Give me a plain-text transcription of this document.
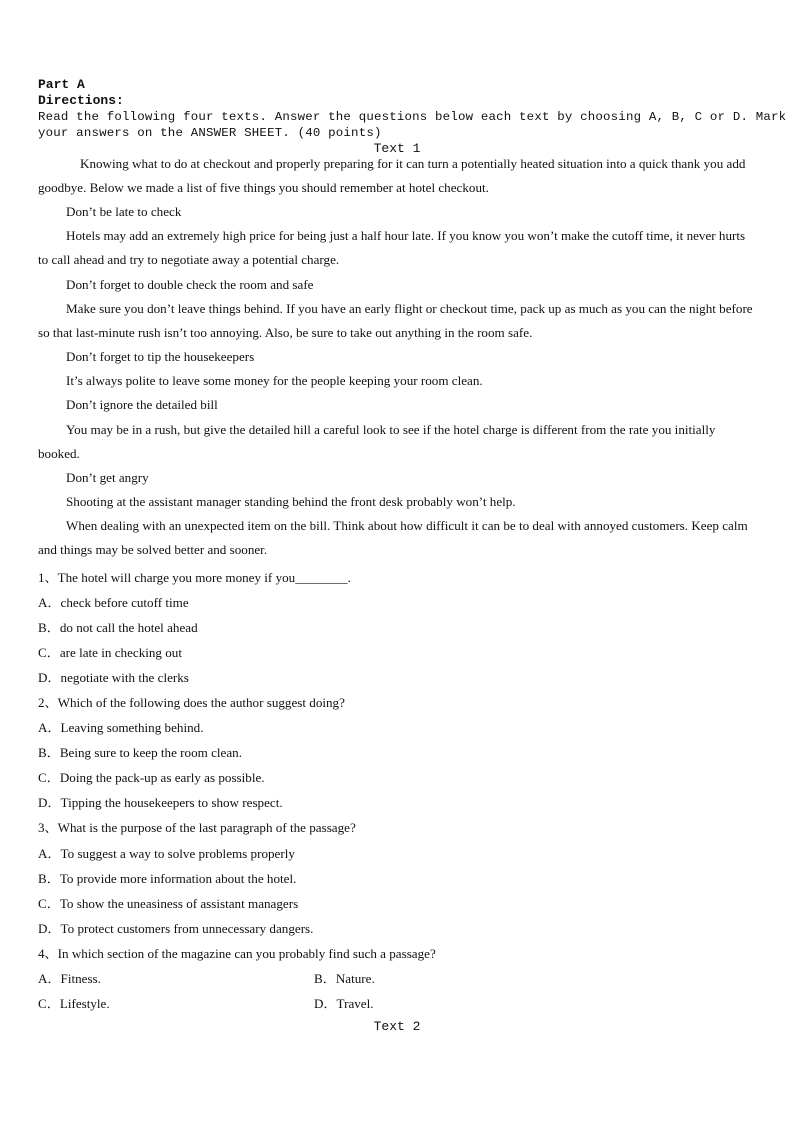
Part A
Directions:
Read the following four texts. Answer the questions below each text by choosing A, B, C or D. Mark
your answers on the ANSWER SHEET. (40 points)
Text 1
Knowing what to do at checkout and properly preparing for it can turn a potentially heated situation into a quick thank you add goodbye. Below we made a list of five things you should remember at hotel checkout.
Don’t be late to check
Hotels may add an extremely high price for being just a half hour late. If you know you won’t make the cutoff time, it never hurts to call ahead and try to negotiate away a potential charge.
Don’t forget to double check the room and safe
Make sure you don’t leave things behind. If you have an early flight or checkout time, pack up as much as you can the night before so that last-minute rush isn’t too annoying. Also, be sure to take out anything in the room safe.
Don’t forget to tip the housekeepers
It’s always polite to leave some money for the people keeping your room clean.
Don’t ignore the detailed bill
You may be in a rush, but give the detailed hill a careful look to see if the hotel charge is different from the rate you initially booked.
Don’t get angry
Shooting at the assistant manager standing behind the front desk probably won’t help.
When dealing with an unexpected item on the bill. Think about how difficult it can be to deal with annoyed customers. Keep calm and things may be solved better and sooner.
1、The hotel will charge you more money if you________.
A．check before cutoff time
B．do not call the hotel ahead
C．are late in checking out
D．negotiate with the clerks
2、Which of the following does the author suggest doing?
A．Leaving something behind.
B．Being sure to keep the room clean.
C．Doing the pack-up as early as possible.
D．Tipping the housekeepers to show respect.
3、What is the purpose of the last paragraph of the passage?
A．To suggest a way to solve problems properly
B．To provide more information about the hotel.
C．To show the uneasiness of assistant managers
D．To protect customers from unnecessary dangers.
4、In which section of the magazine can you probably find such a passage?
A．Fitness.	B．Nature.
C．Lifestyle.	D．Travel.
Text 2
